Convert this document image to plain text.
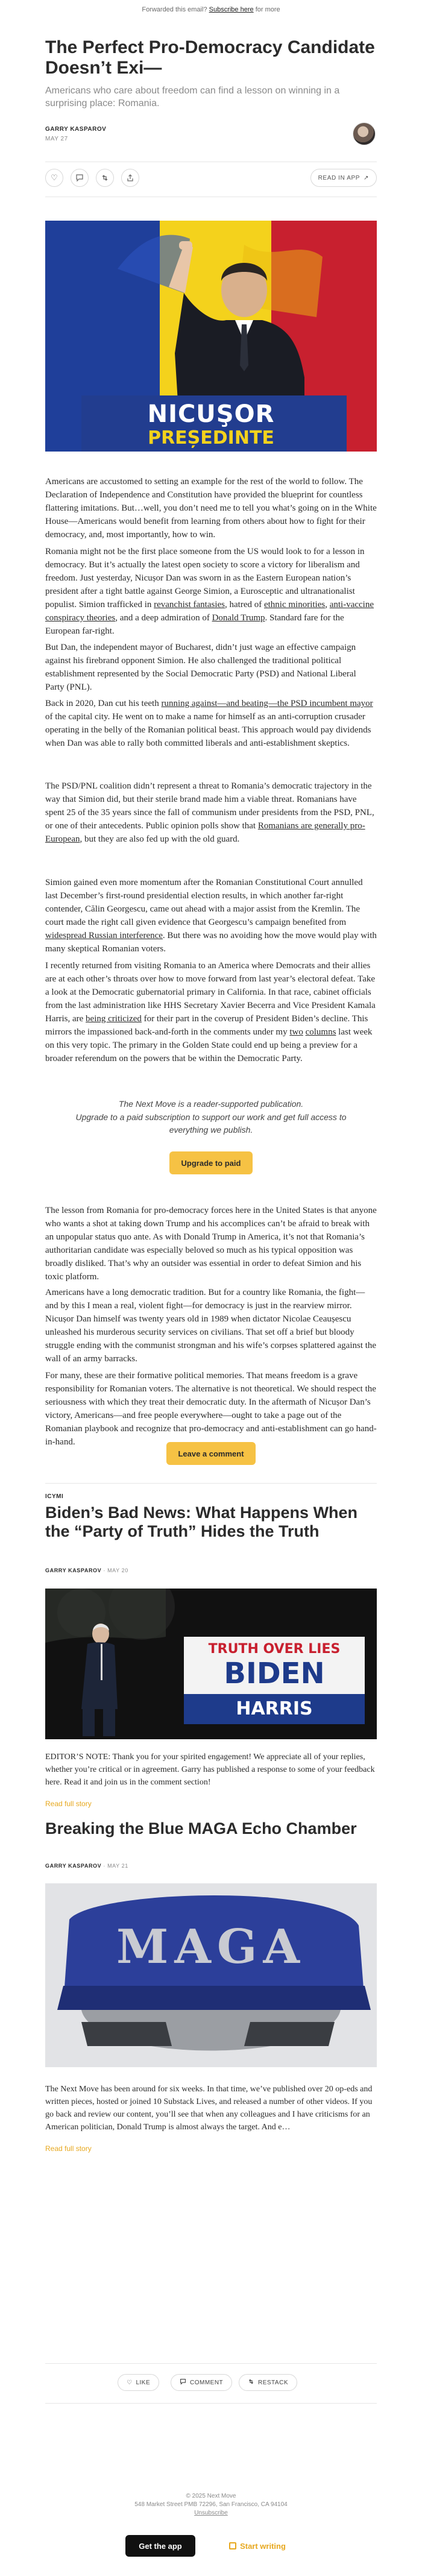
Forwarded this email? Subscribe here for more
The Perfect Pro-Democracy Candidate Doesn’t Exi—
Americans who care about freedom can find a lesson on winning in a surprising place: Romania.
GARRY KASPAROV
MAY 27
♡	READ IN APP ↗
NICUŞOR
PREȘEDINTE
Americans are accustomed to setting an example for the rest of the world to follow. The Declaration of Independence and Constitution have provided the blueprint for countless flattering imitations. But…well, you don’t need me to tell you what’s going on in the White House—Americans would benefit from learning from others about how to fight for their democracy, and, most importantly, how to win.
Romania might not be the first place someone from the US would look to for a lesson in democracy. But it’s actually the latest open society to score a victory for liberalism and freedom. Just yesterday, Nicușor Dan was sworn in as the Eastern European nation’s president after a tight battle against George Simion, a Eurosceptic and ultranationalist populist. Simion trafficked in revanchist fantasies, hatred of ethnic minorities, anti-vaccine conspiracy theories, and a deep admiration of Donald Trump. Standard fare for the European far-right.
But Dan, the independent mayor of Bucharest, didn’t just wage an effective campaign against his firebrand opponent Simion. He also challenged the traditional political establishment represented by the Social Democratic Party (PSD) and National Liberal Party (PNL).
Back in 2020, Dan cut his teeth running against—and beating—the PSD incumbent mayor of the capital city. He went on to make a name for himself as an anti-corruption crusader operating in the belly of the Romanian political beast. This approach would pay dividends when Dan was able to rally both committed liberals and anti-establishment skeptics.
The PSD/PNL coalition didn’t represent a threat to Romania’s democratic trajectory in the way that Simion did, but their sterile brand made him a viable threat. Romanians have spent 25 of the 35 years since the fall of communism under presidents from the PSD, PNL, or one of their antecedents. Public opinion polls show that Romanians are generally pro-European, but they are also fed up with the old guard.
Simion gained even more momentum after the Romanian Constitutional Court annulled last December’s first-round presidential election results, in which another far-right contender, Călin Georgescu, came out ahead with a major assist from the Kremlin. The court made the right call given evidence that Georgescu’s campaign benefited from widespread Russian interference. But there was no avoiding how the move would play with many skeptical Romanian voters.
I recently returned from visiting Romania to an America where Democrats and their allies are at each other’s throats over how to move forward from last year’s electoral defeat. Take a look at the Democratic gubernatorial primary in California. In that race, cabinet officials from the last administration like HHS Secretary Xavier Becerra and Vice President Kamala Harris, are being criticized for their part in the coverup of President Biden’s decline. This mirrors the impassioned back-and-forth in the comments under my two columns last week on this very topic. The primary in the Golden State could end up being a preview for a broader referendum on the powers that be within the Democratic Party.
The Next Move is a reader-supported publication.
Upgrade to a paid subscription to support our work and get full access to everything we publish.
Upgrade to paid
The lesson from Romania for pro-democracy forces here in the United States is that anyone who wants a shot at taking down Trump and his accomplices can’t be afraid to break with an unpopular status quo ante. As with Donald Trump in America, it’s not that Romania’s authoritarian candidate was especially beloved so much as his typical opposition was broadly disliked. That’s why an outsider was essential in order to defeat Simion and his toxic platform.
Americans have a long democratic tradition. But for a country like Romania, the fight—and by this I mean a real, violent fight—for democracy is just in the rearview mirror. Nicușor Dan himself was twenty years old in 1989 when dictator Nicolae Ceaușescu unleashed his murderous security services on civilians. That set off a brief but bloody struggle ending with the communist strongman and his wife’s corpses splattered against the wall of an army barracks.
For many, these are their formative political memories. That means freedom is a grave responsibility for Romanian voters. The alternative is not theoretical. We should respect the seriousness with which they treat their democratic duty. In the aftermath of Nicușor Dan’s victory, Americans—and free people everywhere—ought to take a page out of the Romanian playbook and recognize that pro-democracy and anti-establishment can go hand-in-hand.
Leave a comment
ICYMI
Biden’s Bad News: What Happens When the “Party of Truth” Hides the Truth
GARRY KASPAROV · MAY 20
TRUTH OVER LIES
BIDEN
HARRIS
EDITOR’S NOTE: Thank you for your spirited engagement! We appreciate all of your replies, whether you’re critical or in agreement. Garry has published a response to some of your feedback here. Read it and join us in the comment section!
Read full story
Breaking the Blue MAGA Echo Chamber
GARRY KASPAROV · MAY 21
MAGA
The Next Move has been around for six weeks. In that time, we’ve published over 20 op-eds and written pieces, hosted or joined 10 Substack Lives, and released a number of other videos. If you go back and review our content, you’ll see that when any colleagues and I have criticisms for an American politician, Donald Trump is almost always the target. And e…
Read full story
♡ LIKE	COMMENT	RESTACK
© 2025 Next Move
548 Market Street PMB 72296, San Francisco, CA 94104
Unsubscribe
Get the app	Start writing
